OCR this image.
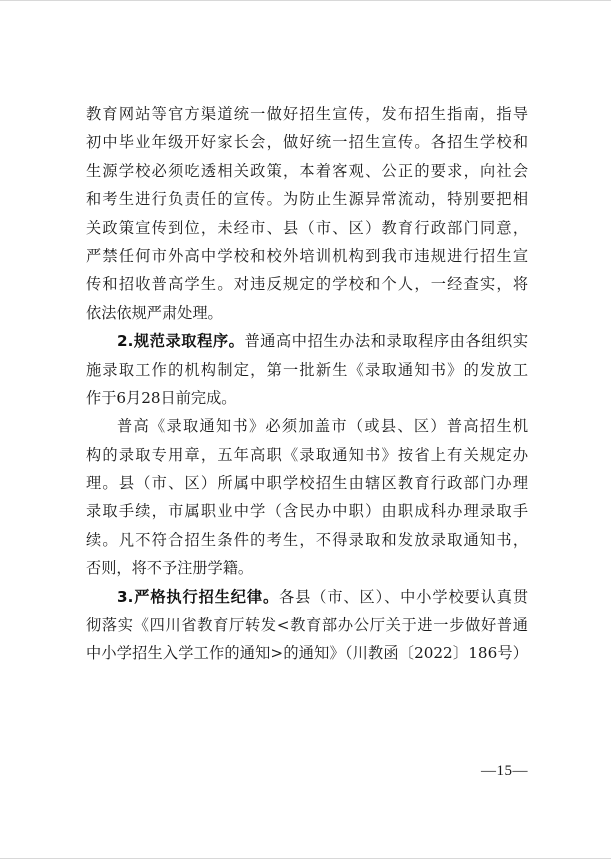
教育网站等官方渠道统一做好招生宣传，发布招生指南，指导
初中毕业年级开好家长会，做好统一招生宣传。各招生学校和
生源学校必须吃透相关政策，本着客观、公正的要求，向社会
和考生进行负责任的宣传。为防止生源异常流动，特别要把相
关政策宣传到位，未经市、县（市、区）教育行政部门同意，
严禁任何市外高中学校和校外培训机构到我市违规进行招生宣
传和招收普高学生。对违反规定的学校和个人，一经查实，将
依法依规严肃处理。
2.规范录取程序。普通高中招生办法和录取程序由各组织实
施录取工作的机构制定，第一批新生《录取通知书》的发放工
作于6月28日前完成。
普高《录取通知书》必须加盖市（或县、区）普高招生机
构的录取专用章，五年高职《录取通知书》按省上有关规定办
理。县（市、区）所属中职学校招生由辖区教育行政部门办理
录取手续，市属职业中学（含民办中职）由职成科办理录取手
续。凡不符合招生条件的考生，不得录取和发放录取通知书，
否则，将不予注册学籍。
3.严格执行招生纪律。各县（市、区）、中小学校要认真贯
彻落实《四川省教育厅转发<教育部办公厅关于进一步做好普通
中小学招生入学工作的通知>的通知》（川教函〔2022〕186号）
—15—
